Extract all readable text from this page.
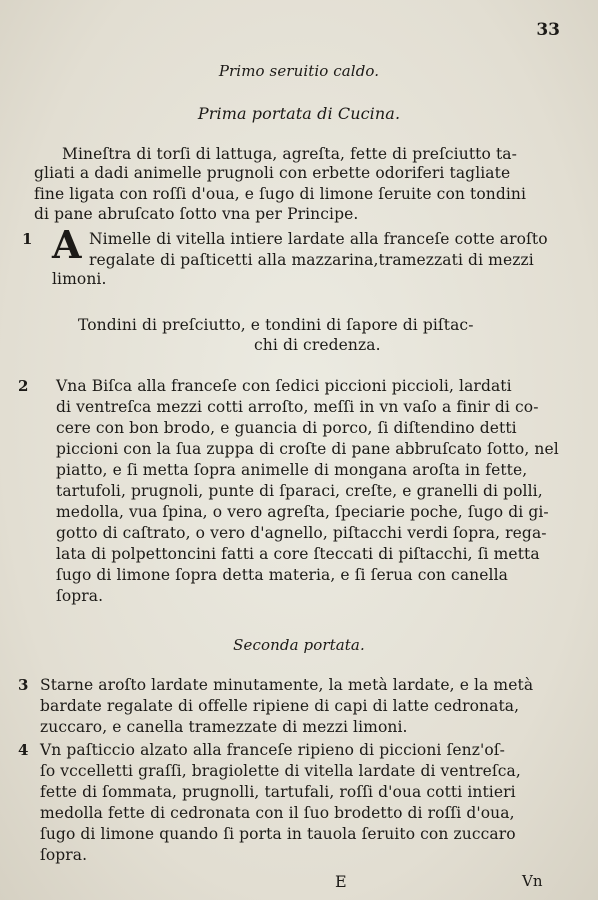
33
Primo seruitio caldo.
Prima portata di Cucina.
Mineſtra di torſi di lattuga, agreſta, fette di preſciutto ta-
gliati a dadi animelle prugnoli con erbette odoriferi tagliate
fine ligata con roſſi d'oua, e ſugo di limone ſeruite con tondini
di pane abruſcato ſotto vna per Principe.
1 A Nimelle di vitella intiere lardate alla franceſe cotte aroſto
regalate di paſticetti alla mazzarina,tramezzati di mezzi
limoni.
Tondini di preſciutto, e tondini di ſapore di piſtac-
chi di credenza.
2 Vna Biſca alla franceſe con ſedici piccioni piccioli, lardati
di ventreſca mezzi cotti arroſto, meſſi in vn vaſo a finir di co-
cere con bon brodo, e guancia di porco, ſi diſtendino detti
piccioni con la ſua zuppa di croſte di pane abbruſcato ſotto, nel
piatto, e ſi metta ſopra animelle di mongana aroſta in fette,
tartufoli, prugnoli, punte di ſparaci, creſte, e granelli di polli,
medolla, vua ſpina, o vero agreſta, ſpeciarie poche, ſugo di gi-
gotto di caſtrato, o vero d'agnello, piſtacchi verdi ſopra, rega-
lata di polpettoncini fatti a core ſteccati di piſtacchi, ſi metta
ſugo di limone ſopra detta materia, e ſi ſerua con canella
ſopra.
Seconda portata.
3 Starne aroſto lardate minutamente, la metà lardate, e la metà
bardate regalate di offelle ripiene di capi di latte cedronata,
zuccaro, e canella tramezzate di mezzi limoni.
4 Vn paſticcio alzato alla franceſe ripieno di piccioni ſenz'oſ-
ſo vccelletti graſſi, bragiolette di vitella lardate di ventreſca,
fette di ſommata, prugnolli, tartufali, roſſi d'oua cotti intieri
medolla fette di cedronata con il ſuo brodetto di roſſi d'oua,
ſugo di limone quando ſi porta in tauola ſeruito con zuccaro
ſopra.
E	Vn
